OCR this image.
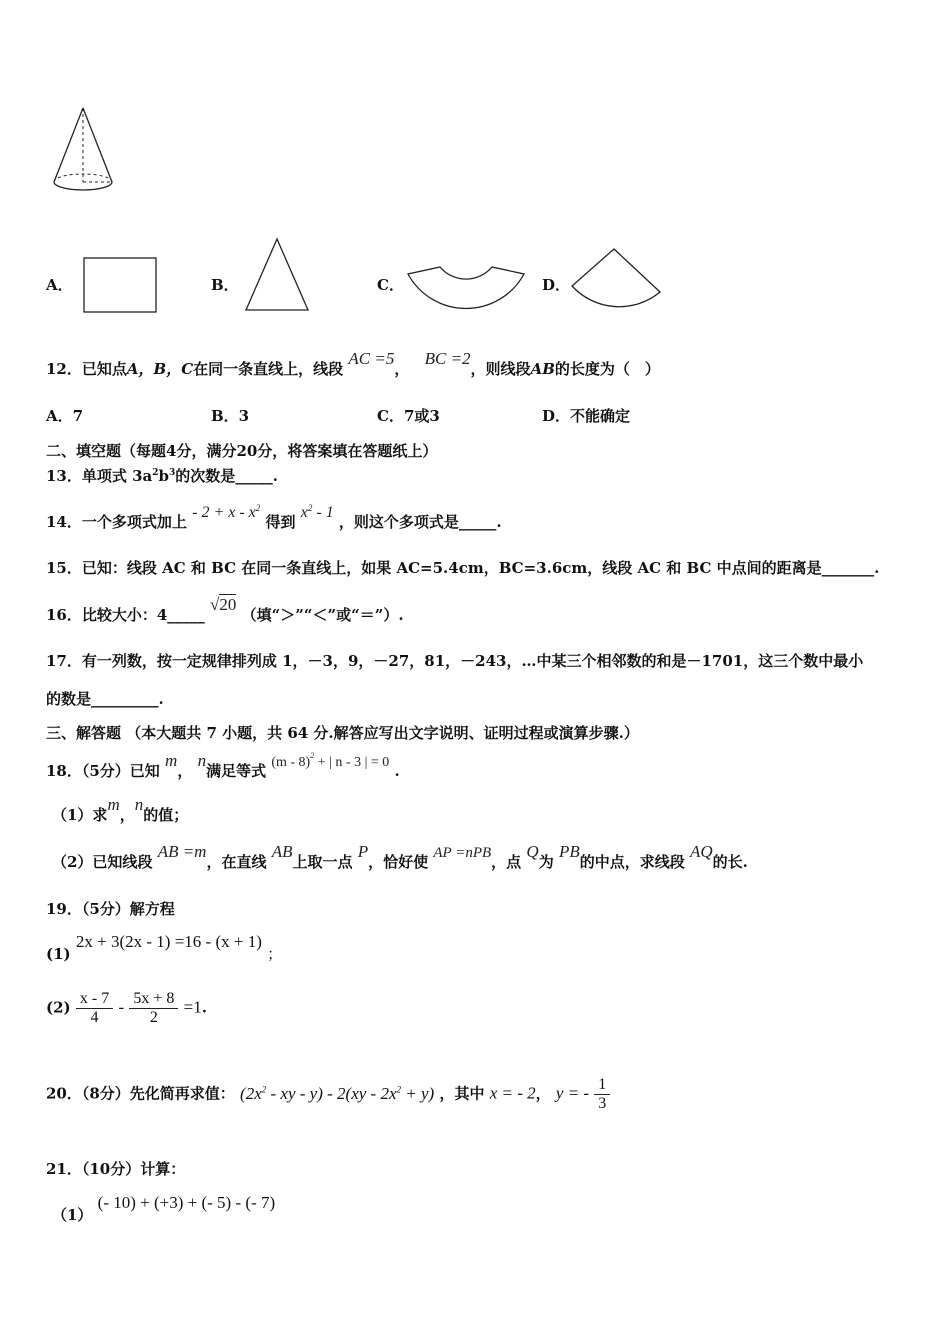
A．	B．	C．	D．
12．已知点A，B，C在同一条直线上，线段 AC =5， BC =2，则线段AB的长度为（　）
A．7	B．3	C．7或3	D．不能确定
二、填空题（每题4分，满分20分，将答案填在答题纸上）
13．单项式 $3a^2b^3$的次数是_____.
14．一个多项式加上 - $2 + x - x^2$ 得到 $x^2 - 1$ ，则这个多项式是_____.
15．已知：线段 AC 和 BC 在同一条直线上，如果 AC=5.4cm，BC=3.6cm，线段 AC 和 BC 中点间的距离是_______.
16．比较大小：4_____ √20 （填“＞”“＜”或“＝”）.
17．有一列数，按一定规律排列成 1，－3，9，－27，81，－243，…中某三个相邻数的和是－1701，这三个数中最小
的数是_________.
三、解答题 （本大题共 7 小题，共 64 分.解答应写出文字说明、证明过程或演算步骤.）
18．（5分）已知 m， n满足等式 (m - 8)$^2$ + | n - 3 | = 0 .
（1）求m，n的值；
（2）已知线段 AB =m，在直线 AB上取一点 P，恰好使 AP =nPB，点 Q为 PB的中点，求线段 AQ的长.
19．（5分）解方程
(1) 2x + 3(2x - 1) =16 - (x + 1) ；
$(2) \frac{x - 7}{4} - \frac{5x + 8}{2} =1$.
20．（8分）先化简再求值： ($2x^2$ - xy - $y) - 2(xy - 2x^2 + y)$ ，其中 x = - 2， y = - $\frac{1}{3}$
21．（10分）计算：
（1） (- 10) + (+3) + (- 5) - (- 7)
